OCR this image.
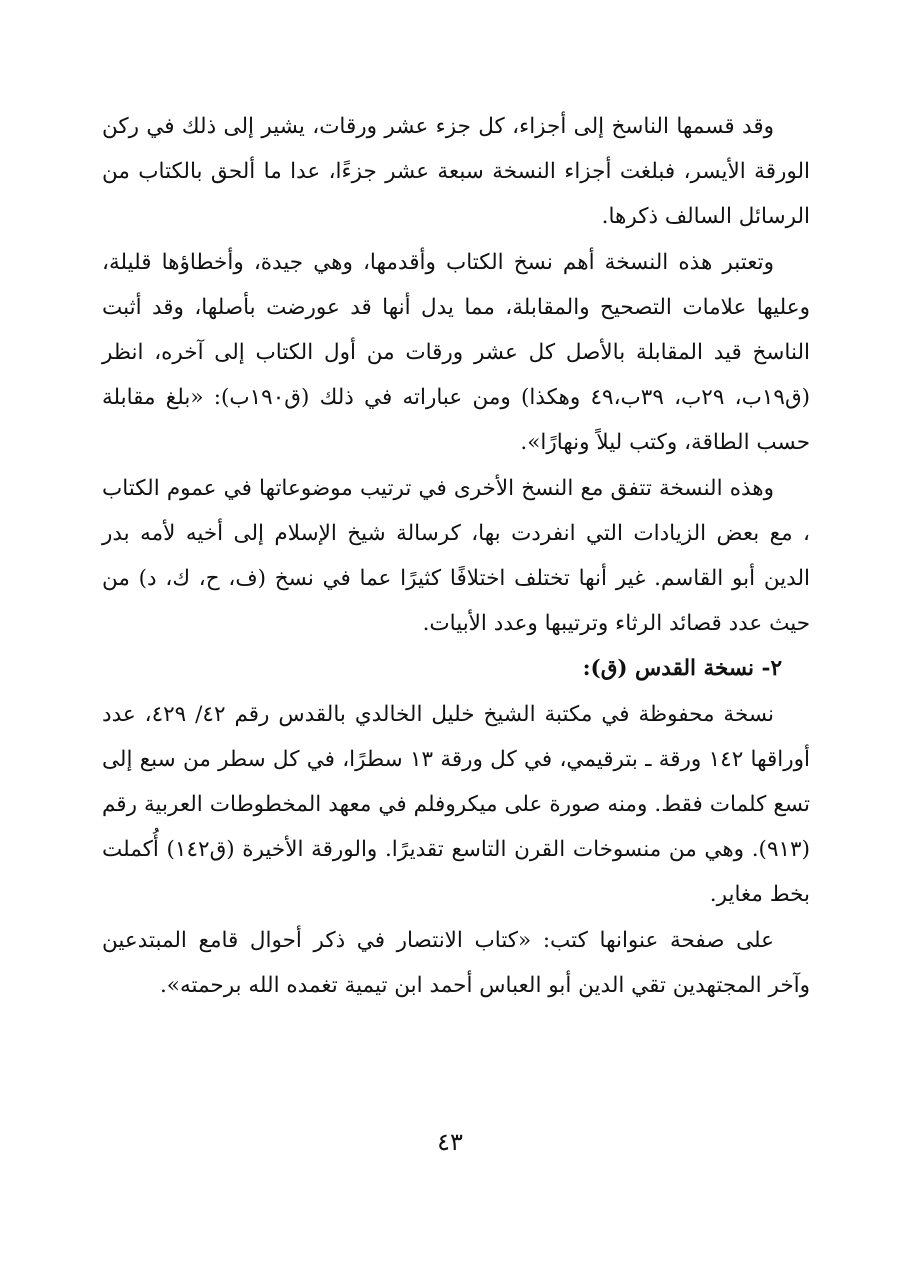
وقد قسمها الناسخ إلى أجزاء، كل جزء عشر ورقات، يشير إلى ذلك في ركن الورقة الأيسر، فبلغت أجزاء النسخة سبعة عشر جزءًا، عدا ما ألحق بالكتاب من الرسائل السالف ذكرها.

وتعتبر هذه النسخة أهم نسخ الكتاب وأقدمها، وهي جيدة، وأخطاؤها قليلة، وعليها علامات التصحيح والمقابلة، مما يدل أنها قد عورضت بأصلها، وقد أثبت الناسخ قيد المقابلة بالأصل كل عشر ورقات من أول الكتاب إلى آخره، انظر (ق١٩ب، ٢٩ب، ٣٩ب،٤٩ وهكذا) ومن عباراته في ذلك (ق١٩٠ب): «بلغ مقابلة حسب الطاقة، وكتب ليلاً ونهارًا».

وهذه النسخة تتفق مع النسخ الأخرى في ترتيب موضوعاتها في عموم الكتاب ، مع بعض الزيادات التي انفردت بها، كرسالة شيخ الإسلام إلى أخيه لأمه بدر الدين أبو القاسم. غير أنها تختلف اختلافًا كثيرًا عما في نسخ (ف، ح، ك، د) من حيث عدد قصائد الرثاء وترتيبها وعدد الأبيات.

٢- نسخة القدس (ق):

نسخة محفوظة في مكتبة الشيخ خليل الخالدي بالقدس رقم ٤٢/ ٤٢٩، عدد أوراقها ١٤٢ ورقة ـ بترقيمي، في كل ورقة ١٣ سطرًا، في كل سطر من سبع إلى تسع كلمات فقط. ومنه صورة على ميكروفلم في معهد المخطوطات العربية رقم (٩١٣). وهي من منسوخات القرن التاسع تقديرًا. والورقة الأخيرة (ق١٤٢) أُكملت بخط مغاير.

على صفحة عنوانها كتب: «كتاب الانتصار في ذكر أحوال قامع المبتدعين وآخر المجتهدين تقي الدين أبو العباس أحمد ابن تيمية تغمده الله برحمته».

٤٣
